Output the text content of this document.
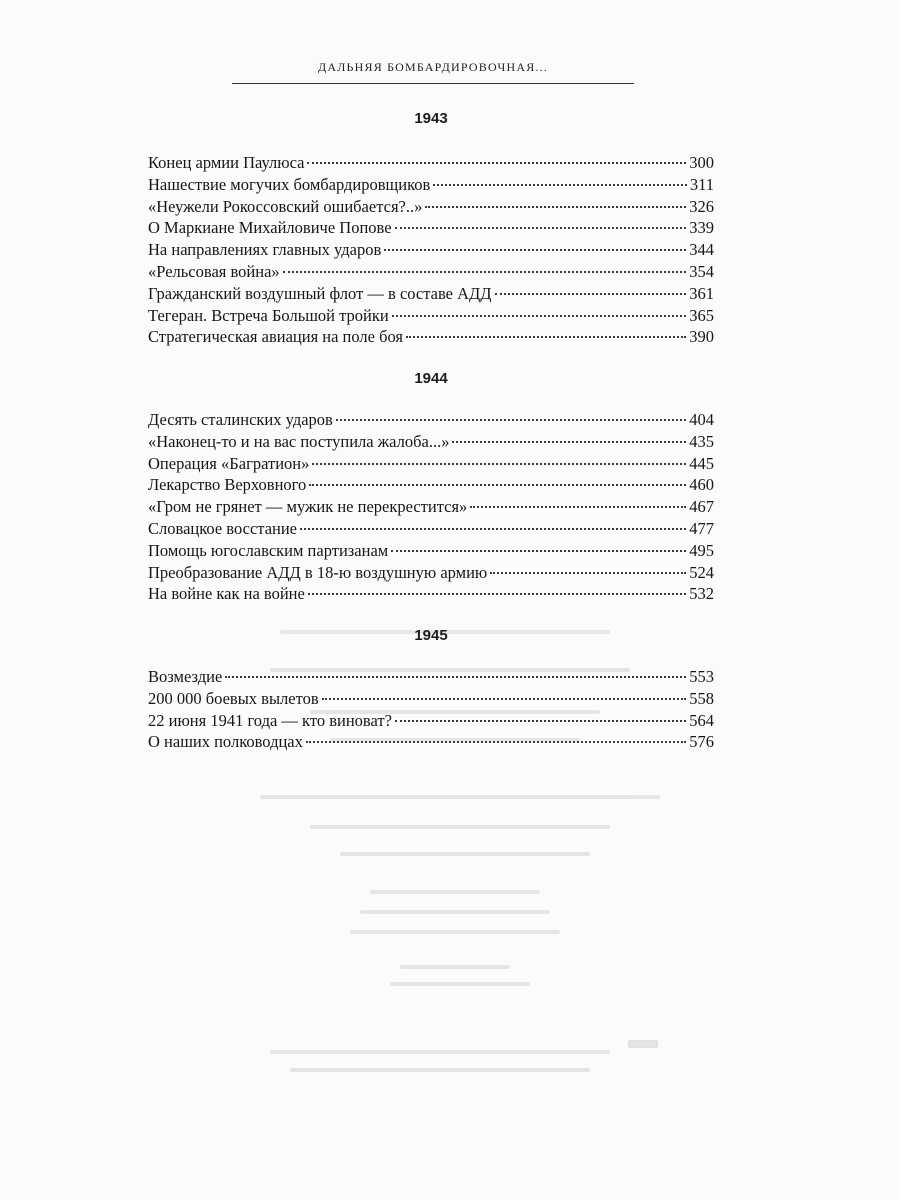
ДАЛЬНЯЯ БОМБАРДИРОВОЧНАЯ...
1943
Конец армии Паулюса	300
Нашествие могучих бомбардировщиков	311
«Неужели Рокоссовский ошибается?..»	326
О Маркиане Михайловиче Попове	339
На направлениях главных ударов	344
«Рельсовая война»	354
Гражданский воздушный флот — в составе АДД	361
Тегеран. Встреча Большой тройки	365
Стратегическая авиация на поле боя	390
1944
Десять сталинских ударов	404
«Наконец-то и на вас поступила жалоба...»	435
Операция «Багратион»	445
Лекарство Верховного	460
«Гром не грянет — мужик не перекрестится»	467
Словацкое восстание	477
Помощь югославским партизанам	495
Преобразование АДД в 18-ю воздушную армию	524
На войне как на войне	532
1945
Возмездие	553
200 000 боевых вылетов	558
22 июня 1941 года — кто виноват?	564
О наших полководцах	576
